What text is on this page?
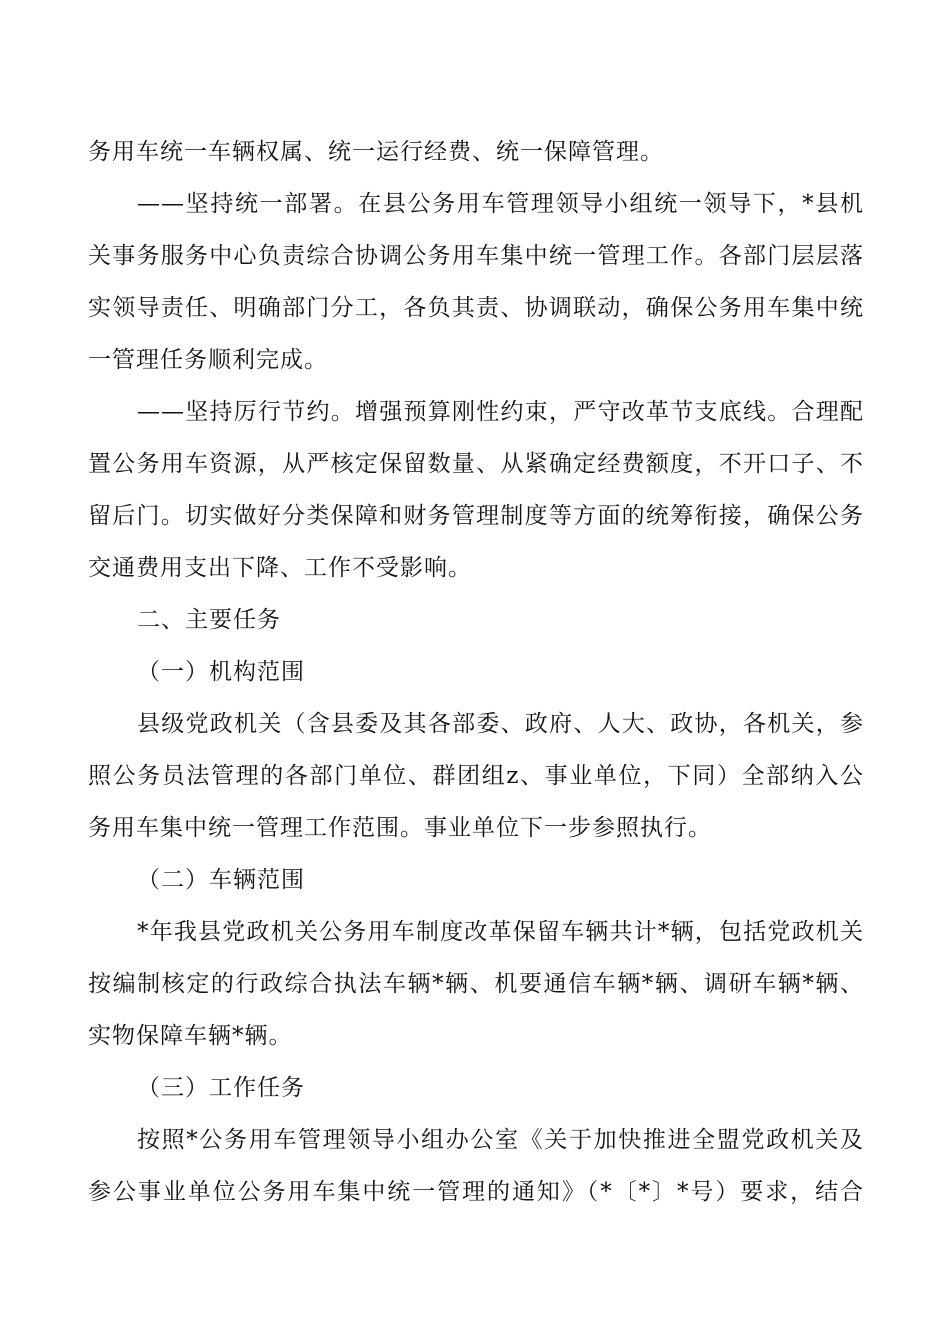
务用车统一车辆权属、统一运行经费、统一保障管理。
——坚持统一部署。在县公务用车管理领导小组统一领导下，*县机
关事务服务中心负责综合协调公务用车集中统一管理工作。各部门层层落
实领导责任、明确部门分工，各负其责、协调联动，确保公务用车集中统
一管理任务顺利完成。
——坚持厉行节约。增强预算刚性约束，严守改革节支底线。合理配
置公务用车资源，从严核定保留数量、从紧确定经费额度，不开口子、不
留后门。切实做好分类保障和财务管理制度等方面的统筹衔接，确保公务
交通费用支出下降、工作不受影响。
二、主要任务
（一）机构范围
县级党政机关（含县委及其各部委、政府、人大、政协，各机关，参
照公务员法管理的各部门单位、群团组z、事业单位，下同）全部纳入公
务用车集中统一管理工作范围。事业单位下一步参照执行。
（二）车辆范围
*年我县党政机关公务用车制度改革保留车辆共计*辆，包括党政机关
按编制核定的行政综合执法车辆*辆、机要通信车辆*辆、调研车辆*辆、
实物保障车辆*辆。
（三）工作任务
按照*公务用车管理领导小组办公室《关于加快推进全盟党政机关及
参公事业单位公务用车集中统一管理的通知》（*〔*〕*号）要求，结合
